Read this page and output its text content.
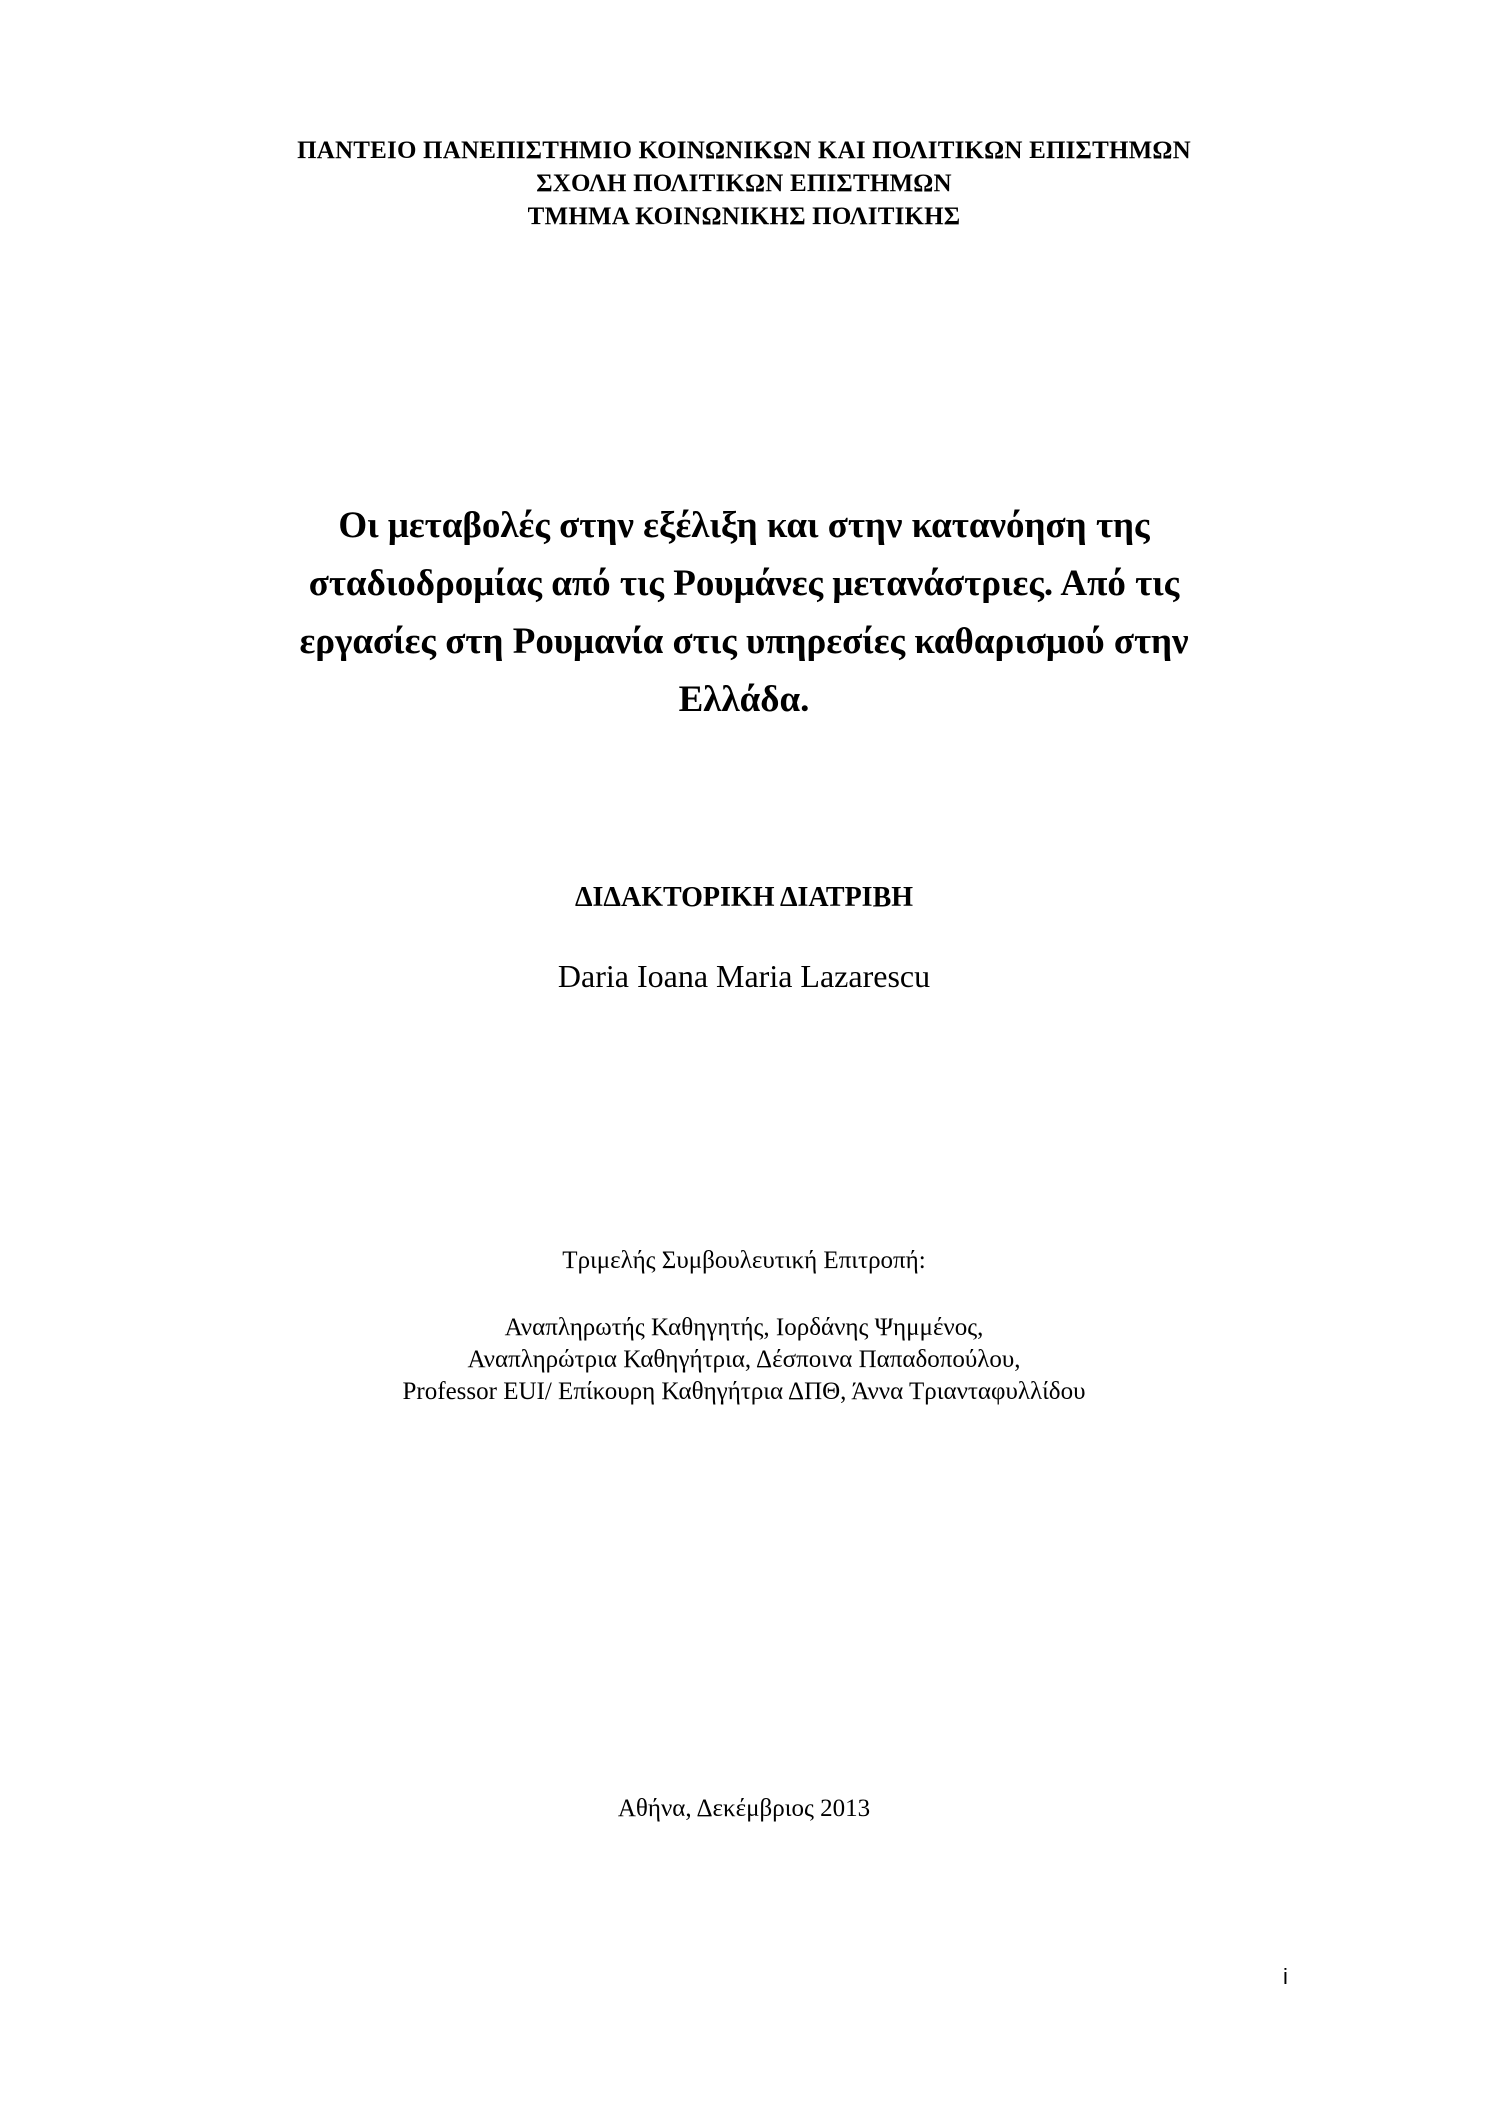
ΠΑΝΤΕΙΟ ΠΑΝΕΠΙΣΤΗΜΙΟ ΚΟΙΝΩΝΙΚΩΝ ΚΑΙ ΠΟΛΙΤΙΚΩΝ ΕΠΙΣΤΗΜΩΝ
ΣΧΟΛΗ ΠΟΛΙΤΙΚΩΝ ΕΠΙΣΤΗΜΩΝ
ΤΜΗΜΑ ΚΟΙΝΩΝΙΚΗΣ ΠΟΛΙΤΙΚΗΣ
Οι μεταβολές στην εξέλιξη και στην κατανόηση της σταδιοδρομίας από τις Ρουμάνες μετανάστριες. Από τις εργασίες στη Ρουμανία στις υπηρεσίες καθαρισμού στην Ελλάδα.
ΔΙΔΑΚΤΟΡΙΚΗ ΔΙΑΤΡΙΒΗ
Daria Ioana Maria Lazarescu
Τριμελής Συμβουλευτική Επιτροπή:
Αναπληρωτής Καθηγητής, Ιορδάνης Ψημμένος,
Αναπληρώτρια Καθηγήτρια, Δέσποινα Παπαδοπούλου,
Professor EUI/ Επίκουρη Καθηγήτρια ΔΠΘ, Άννα Τριανταφυλλίδου
Αθήνα, Δεκέμβριος 2013
i
